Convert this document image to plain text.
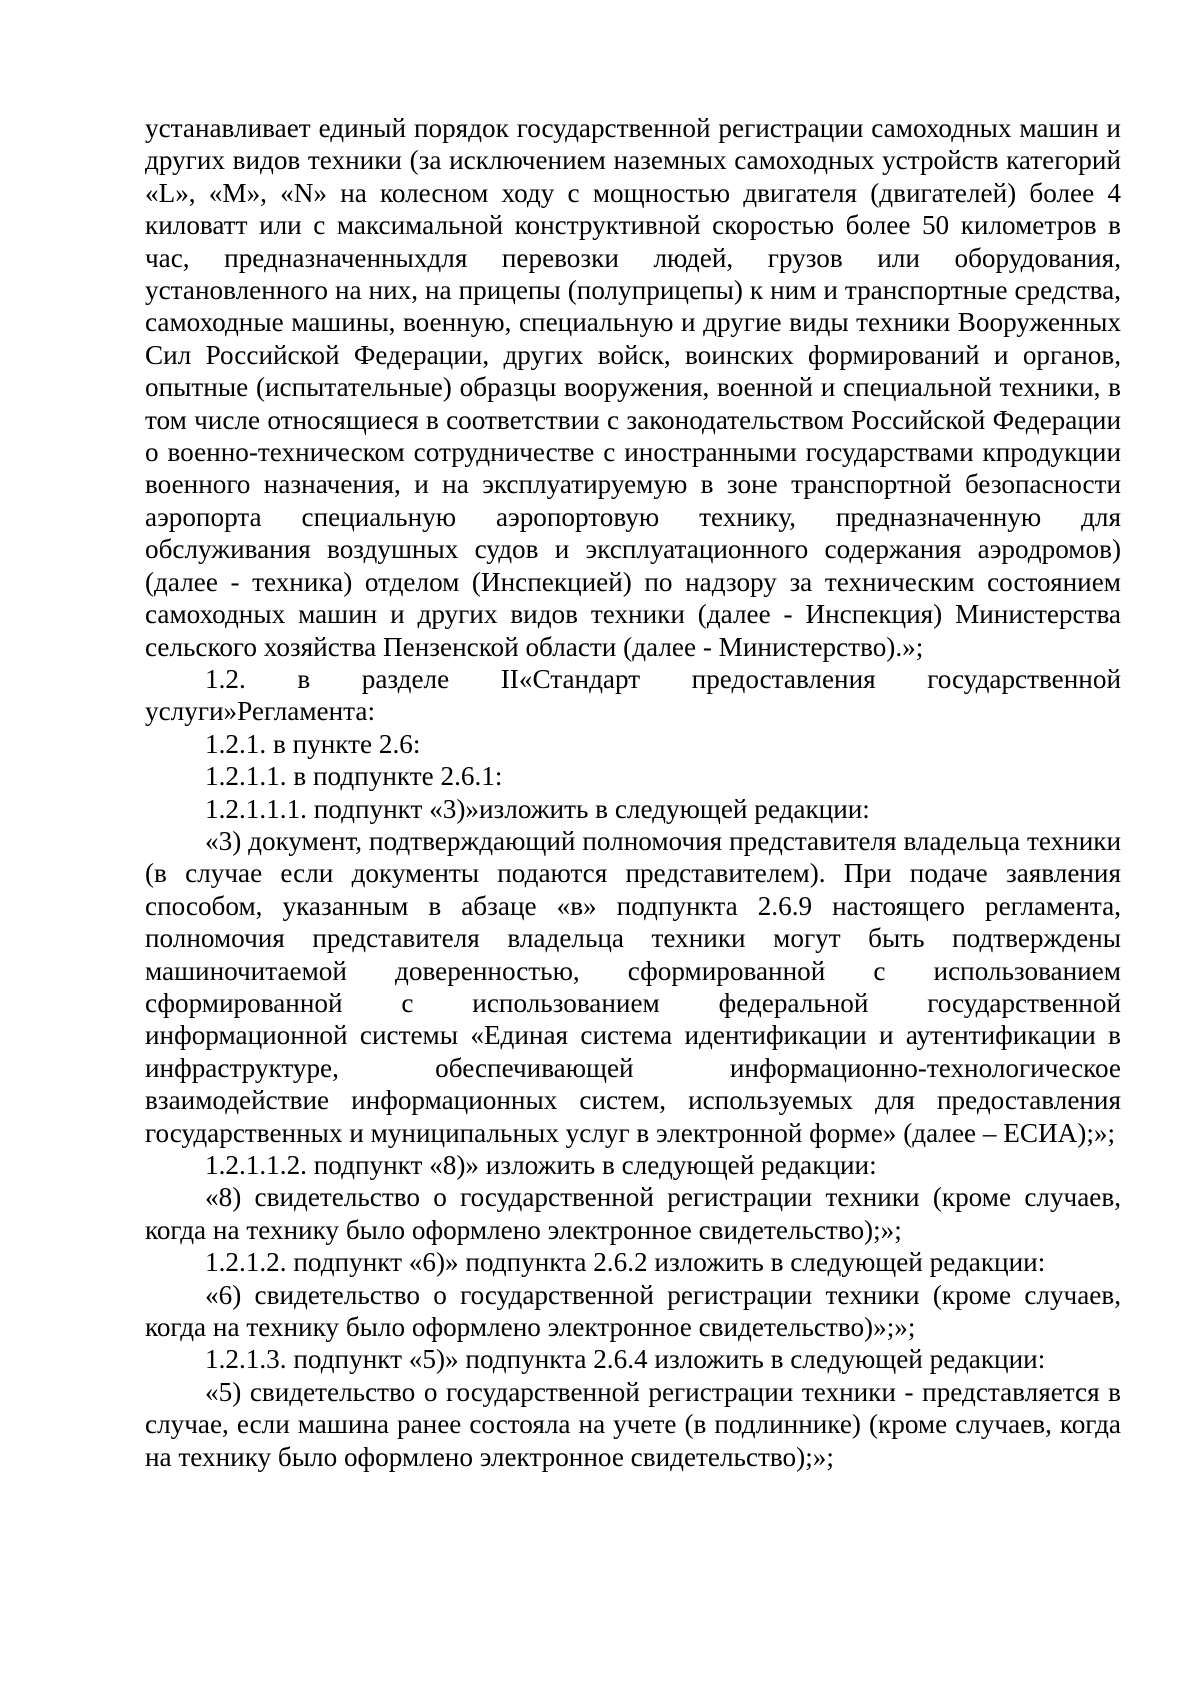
устанавливает единый порядок государственной регистрации самоходных машин и других видов техники (за исключением наземных самоходных устройств категорий «L», «M», «N» на колесном ходу с мощностью двигателя (двигателей) более 4 киловатт или с максимальной конструктивной скоростью более 50 километров в час, предназначенныхдля перевозки людей, грузов или оборудования, установленного на них, на прицепы (полуприцепы) к ним и транспортные средства, самоходные машины, военную, специальную и другие виды техники Вооруженных Сил Российской Федерации, других войск, воинских формирований и органов, опытные (испытательные) образцы вооружения, военной и специальной техники, в том числе относящиеся в соответствии с законодательством Российской Федерации о военно-техническом сотрудничестве с иностранными государствами кпродукции военного назначения, и на эксплуатируемую в зоне транспортной безопасности аэропорта специальную аэропортовую технику, предназначенную для обслуживания воздушных судов и эксплуатационного содержания аэродромов) (далее - техника) отделом (Инспекцией) по надзору за техническим состоянием самоходных машин и других видов техники (далее - Инспекция) Министерства сельского хозяйства Пензенской области (далее - Министерство).»;

1.2. в разделе II«Стандарт предоставления государственной услуги»Регламента:

1.2.1. в пункте 2.6:

1.2.1.1. в подпункте 2.6.1:

1.2.1.1.1. подпункт «3)»изложить в следующей редакции:

«3) документ, подтверждающий полномочия представителя владельца техники (в случае если документы подаются представителем). При подаче заявления способом, указанным в абзаце «в» подпункта 2.6.9 настоящего регламента, полномочия представителя владельца техники могут быть подтверждены машиночитаемой доверенностью, сформированной с использованием сформированной с использованием федеральной государственной информационной системы «Единая система идентификации и аутентификации в инфраструктуре, обеспечивающей информационно-технологическое взаимодействие информационных систем, используемых для предоставления государственных и муниципальных услуг в электронной форме» (далее – ЕСИА);»;

1.2.1.1.2. подпункт «8)» изложить в следующей редакции:

«8) свидетельство о государственной регистрации техники (кроме случаев, когда на технику было оформлено электронное свидетельство);»;

1.2.1.2. подпункт «6)» подпункта 2.6.2 изложить в следующей редакции:

«6) свидетельство о государственной регистрации техники (кроме случаев, когда на технику было оформлено электронное свидетельство)»;»;

1.2.1.3. подпункт «5)» подпункта 2.6.4 изложить в следующей редакции:

«5) свидетельство о государственной регистрации техники - представляется в случае, если машина ранее состояла на учете (в подлиннике) (кроме случаев, когда на технику было оформлено электронное свидетельство);»;
